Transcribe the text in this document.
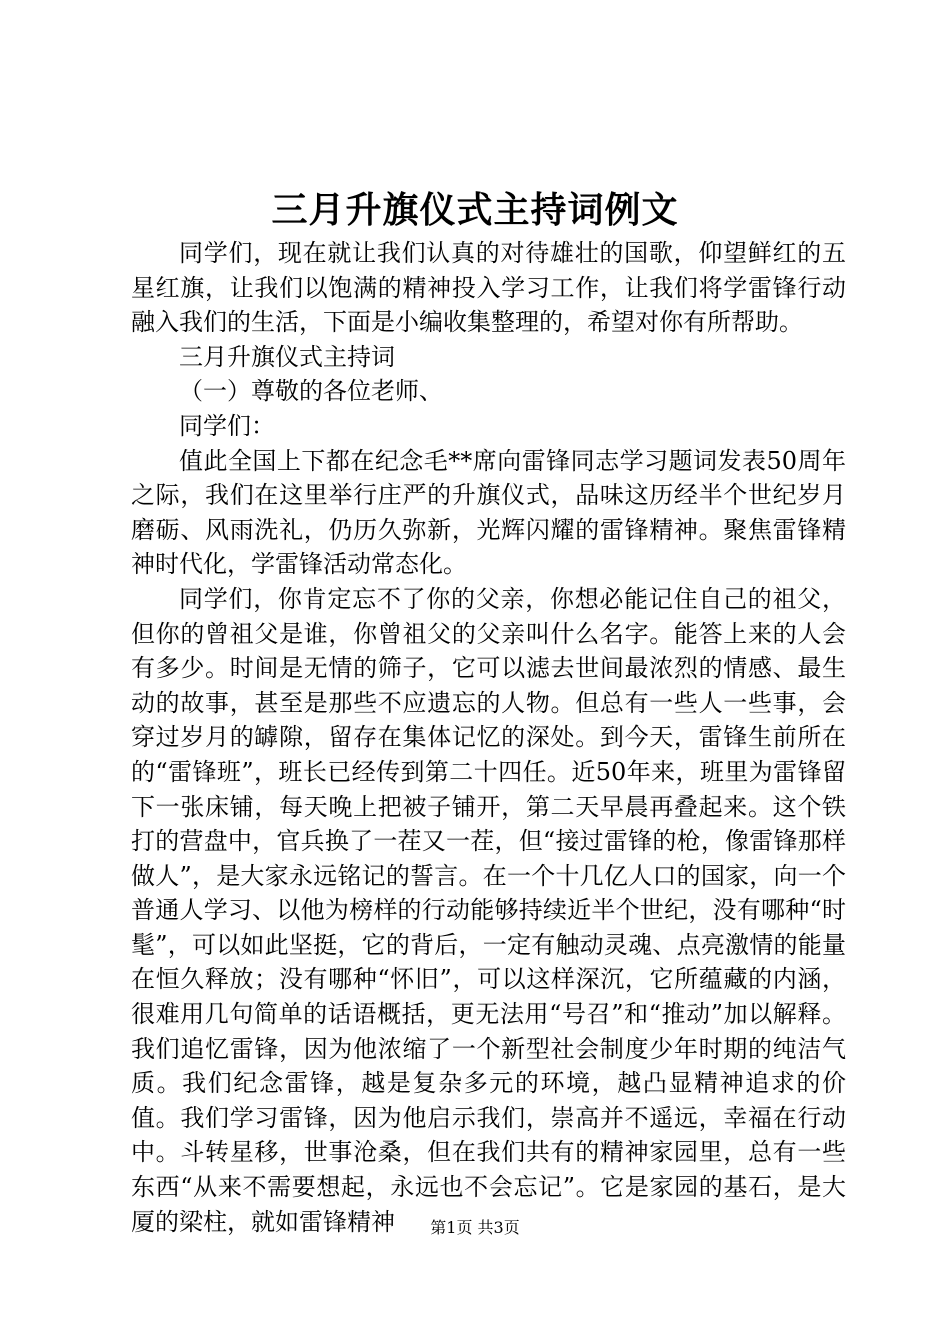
三月升旗仪式主持词例文

同学们，现在就让我们认真的对待雄壮的国歌，仰望鲜红的五星红旗，让我们以饱满的精神投入学习工作，让我们将学雷锋行动融入我们的生活，下面是小编收集整理的，希望对你有所帮助。

三月升旗仪式主持词

（一）尊敬的各位老师、

同学们：

值此全国上下都在纪念毛**席向雷锋同志学习题词发表50周年之际，我们在这里举行庄严的升旗仪式，品味这历经半个世纪岁月磨砺、风雨洗礼，仍历久弥新，光辉闪耀的雷锋精神。聚焦雷锋精神时代化，学雷锋活动常态化。

同学们，你肯定忘不了你的父亲，你想必能记住自己的祖父，但你的曾祖父是谁，你曾祖父的父亲叫什么名字。能答上来的人会有多少。时间是无情的筛子，它可以滤去世间最浓烈的情感、最生动的故事，甚至是那些不应遗忘的人物。但总有一些人一些事，会穿过岁月的罅隙，留存在集体记忆的深处。到今天，雷锋生前所在的“雷锋班”，班长已经传到第二十四任。近50年来，班里为雷锋留下一张床铺，每天晚上把被子铺开，第二天早晨再叠起来。这个铁打的营盘中，官兵换了一茬又一茬，但“接过雷锋的枪，像雷锋那样做人”，是大家永远铭记的誓言。在一个十几亿人口的国家，向一个普通人学习、以他为榜样的行动能够持续近半个世纪，没有哪种“时髦”，可以如此坚挺，它的背后，一定有触动灵魂、点亮激情的能量在恒久释放；没有哪种“怀旧”，可以这样深沉，它所蕴藏的内涵，很难用几句简单的话语概括，更无法用“号召”和“推动”加以解释。我们追忆雷锋，因为他浓缩了一个新型社会制度少年时期的纯洁气质。我们纪念雷锋，越是复杂多元的环境，越凸显精神追求的价值。我们学习雷锋，因为他启示我们，崇高并不遥远，幸福在行动中。斗转星移，世事沧桑，但在我们共有的精神家园里，总有一些东西“从来不需要想起，永远也不会忘记”。它是家园的基石，是大厦的梁柱，就如雷锋精神	第1页 共3页
